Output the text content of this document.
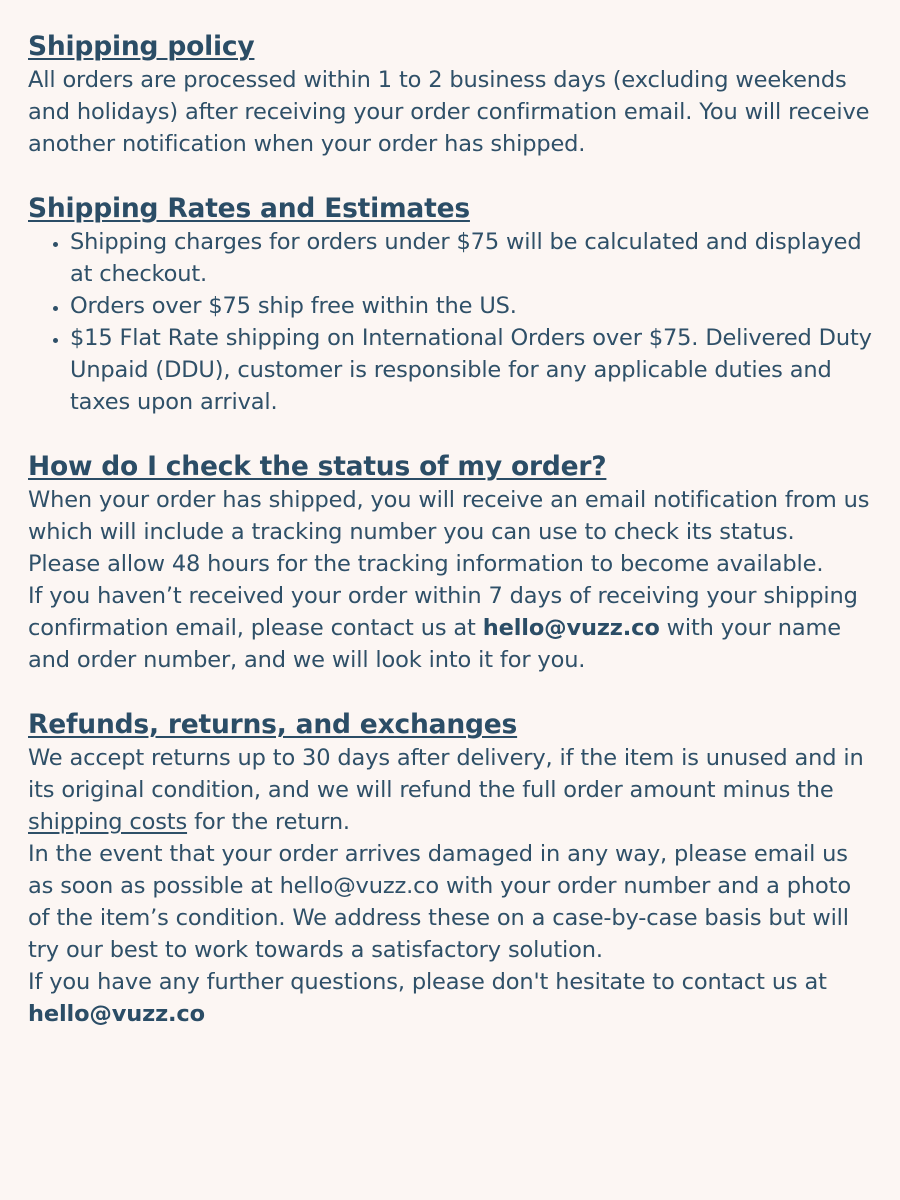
Shipping policy

All orders are processed within 1 to 2 business days (excluding weekends and holidays) after receiving your order confirmation email. You will receive another notification when your order has shipped.

Shipping Rates and Estimates
• Shipping charges for orders under $75 will be calculated and displayed at checkout.
• Orders over $75 ship free within the US.
• $15 Flat Rate shipping on International Orders over $75. Delivered Duty Unpaid (DDU), customer is responsible for any applicable duties and taxes upon arrival.
How do I check the status of my order?

When your order has shipped, you will receive an email notification from us which will include a tracking number you can use to check its status. Please allow 48 hours for the tracking information to become available.

If you haven’t received your order within 7 days of receiving your shipping confirmation email, please contact us at hello@vuzz.co with your name and order number, and we will look into it for you.

Refunds, returns, and exchanges

We accept returns up to 30 days after delivery, if the item is unused and in its original condition, and we will refund the full order amount minus the shipping costs for the return.

In the event that your order arrives damaged in any way, please email us as soon as possible at hello@vuzz.co with your order number and a photo of the item’s condition. We address these on a case-by-case basis but will try our best to work towards a satisfactory solution.

If you have any further questions, please don't hesitate to contact us at hello@vuzz.co
